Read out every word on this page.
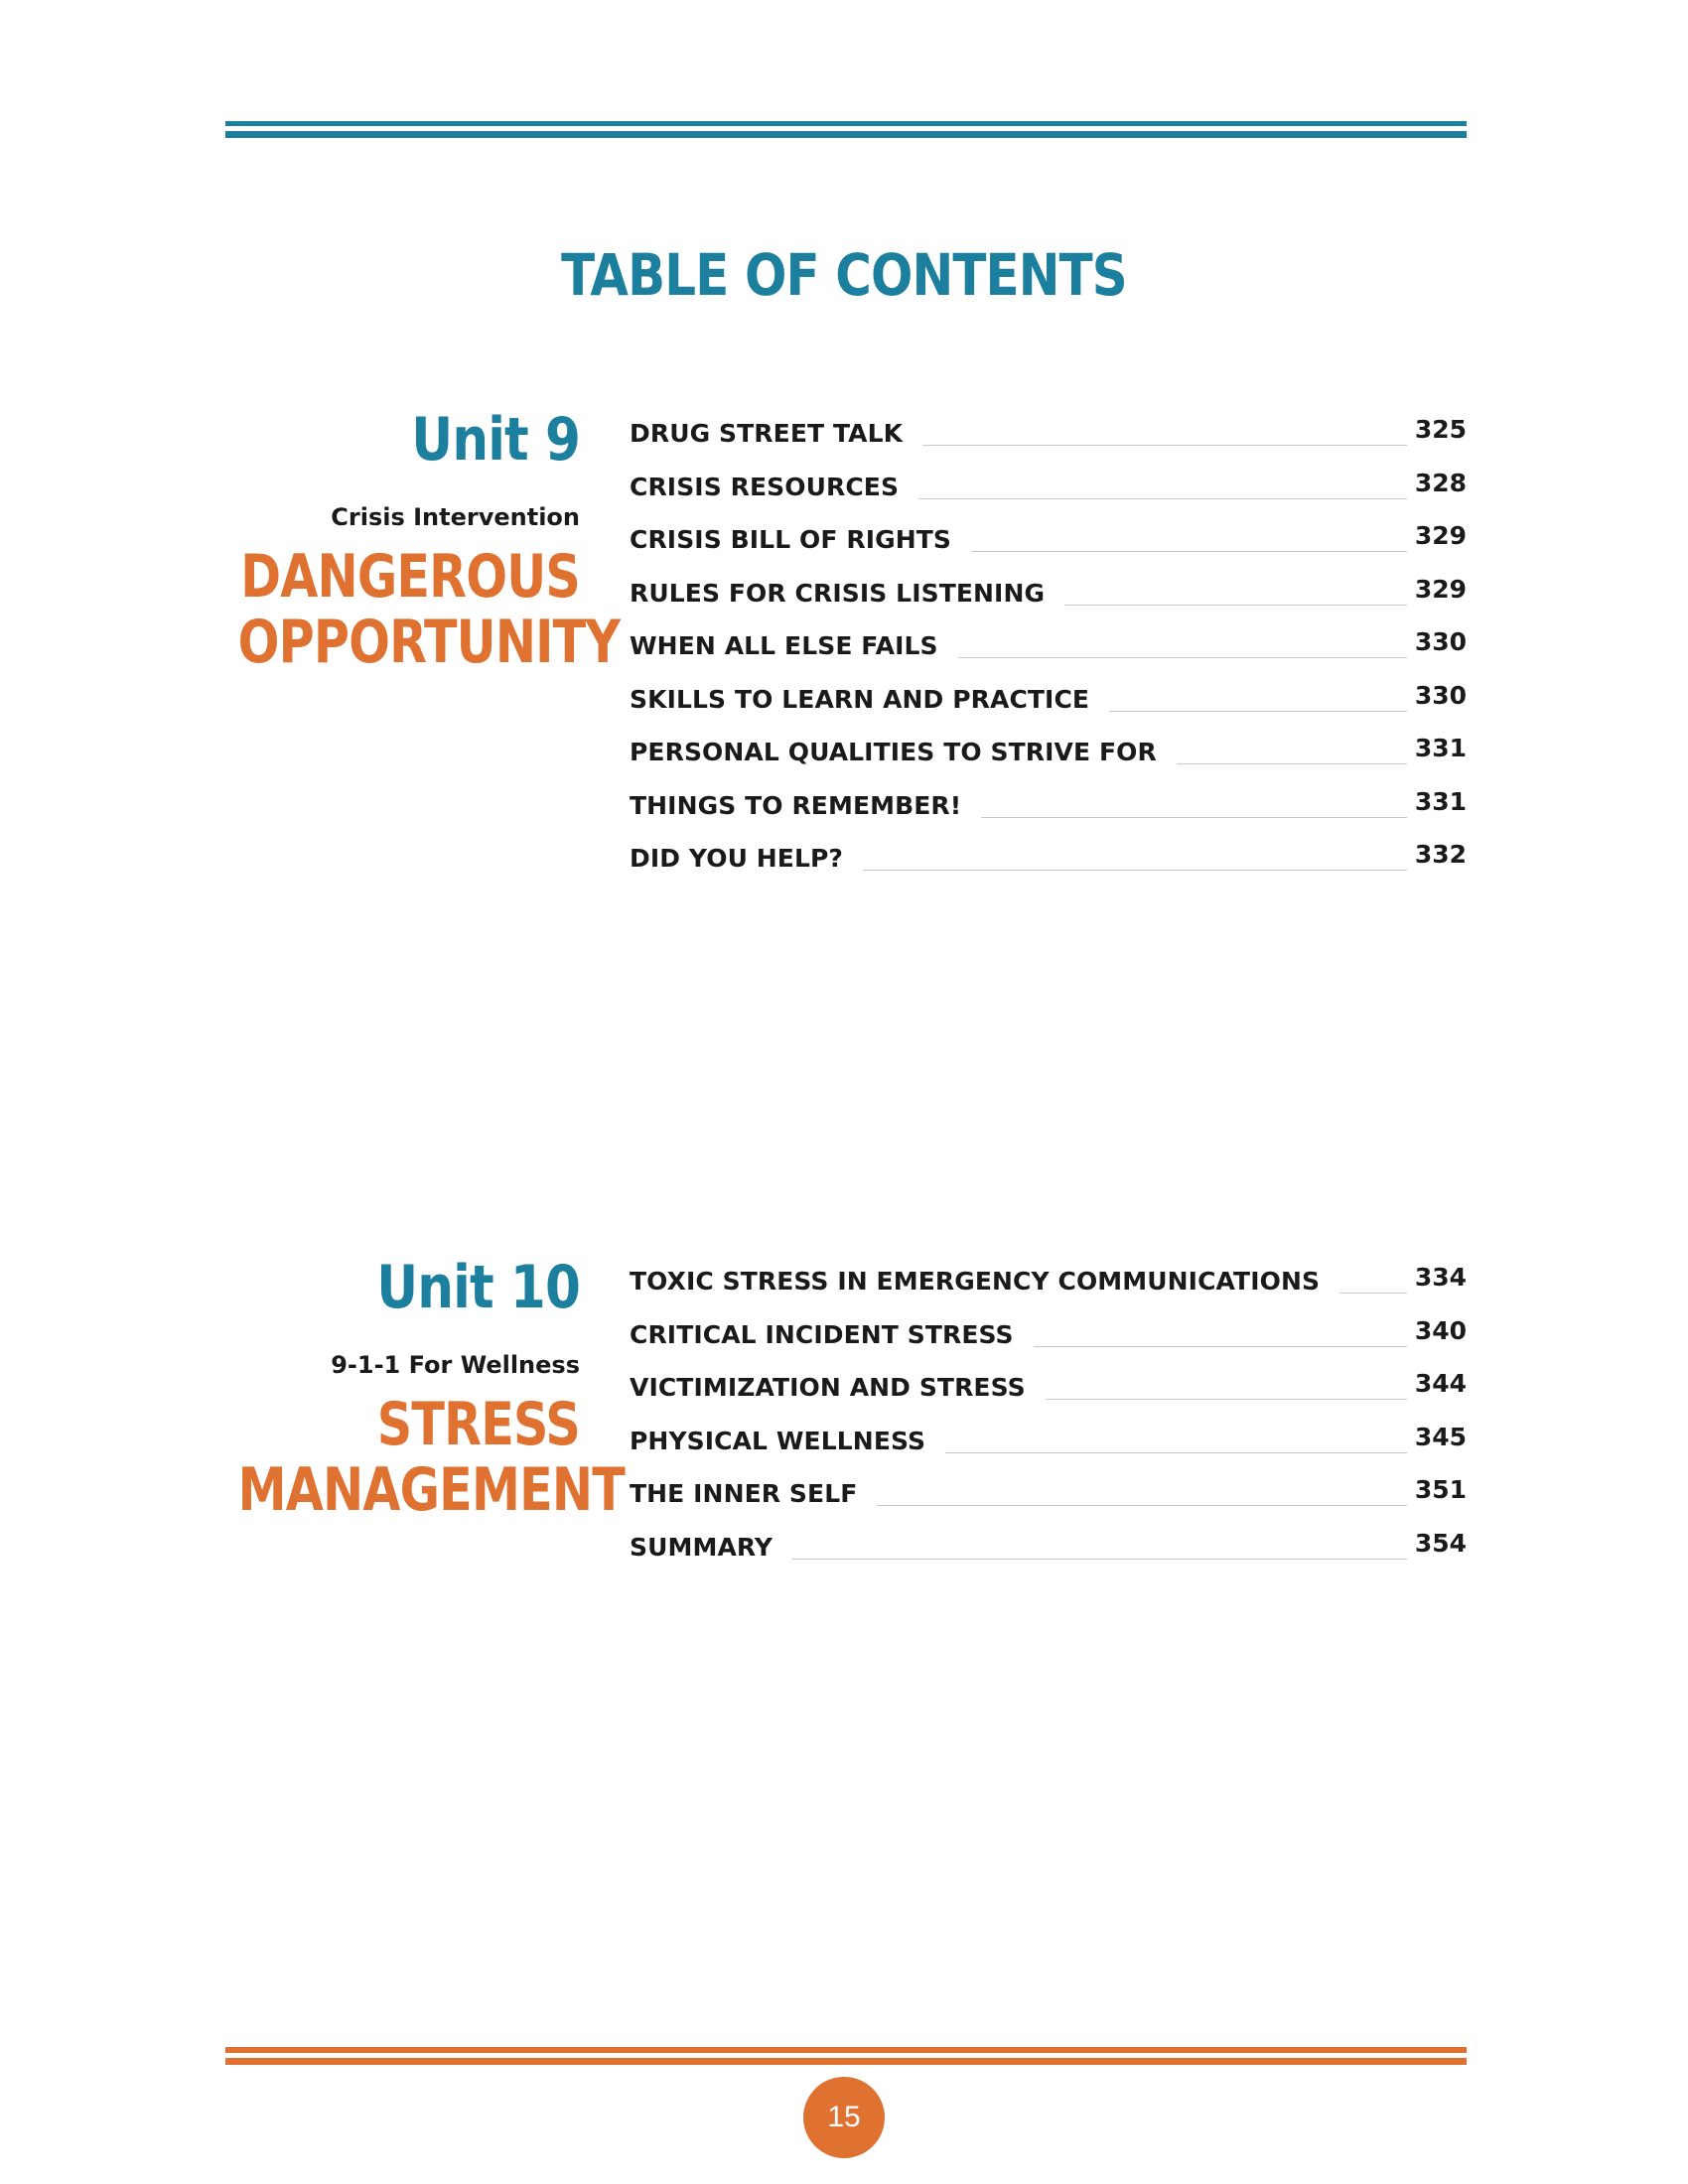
TABLE OF CONTENTS
Unit 9
Crisis Intervention
DANGEROUS
OPPORTUNITY
DRUG STREET TALK	325
CRISIS RESOURCES	328
CRISIS BILL OF RIGHTS	329
RULES FOR CRISIS LISTENING	329
WHEN ALL ELSE FAILS	330
SKILLS TO LEARN AND PRACTICE	330
PERSONAL QUALITIES TO STRIVE FOR	331
THINGS TO REMEMBER!	331
DID YOU HELP?	332
Unit 10
9-1-1 For Wellness
STRESS
MANAGEMENT
TOXIC STRESS IN EMERGENCY COMMUNICATIONS	334
CRITICAL INCIDENT STRESS	340
VICTIMIZATION AND STRESS	344
PHYSICAL WELLNESS	345
THE INNER SELF	351
SUMMARY	354
15
